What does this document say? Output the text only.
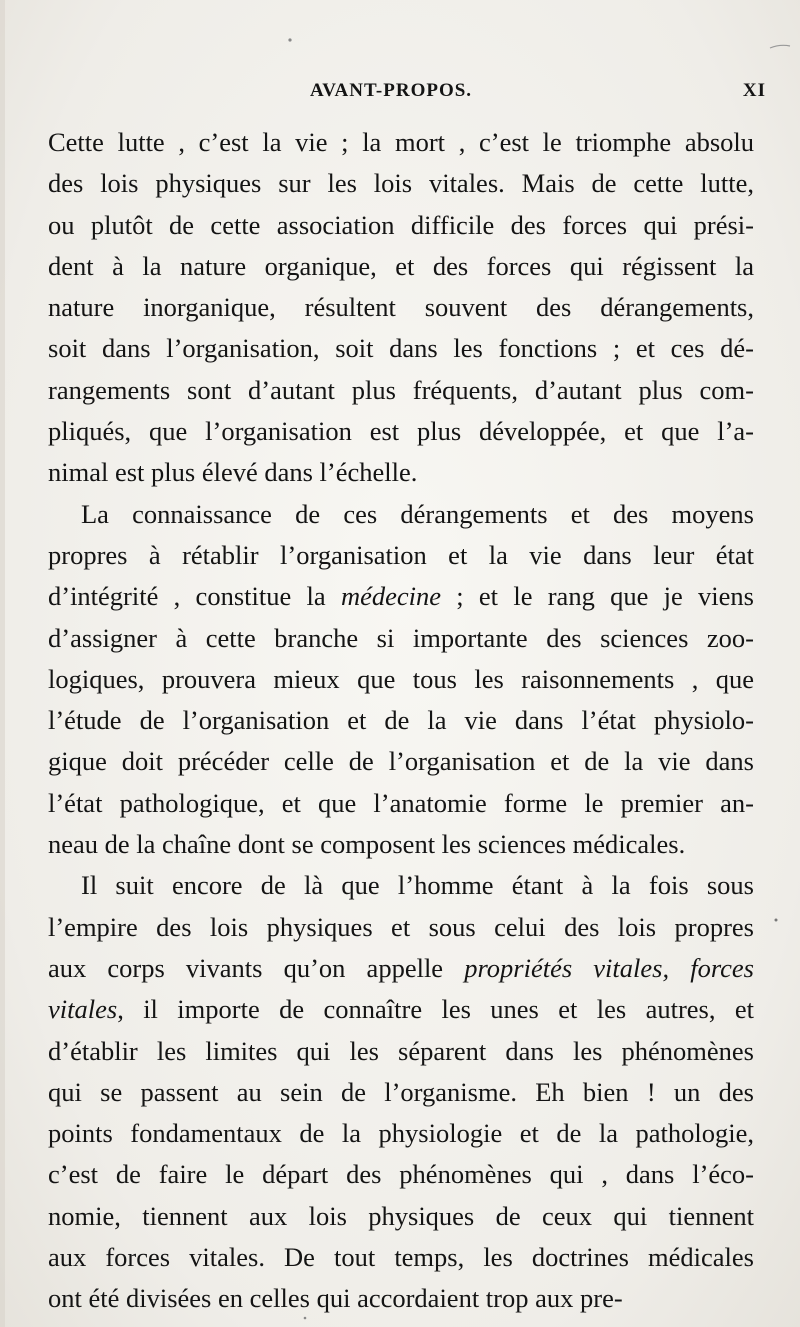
AVANT-PROPOS.	XI
Cette lutte , c’est la vie ; la mort , c’est le triomphe absolu
des lois physiques sur les lois vitales. Mais de cette lutte,
ou plutôt de cette association difficile des forces qui prési-
dent à la nature organique, et des forces qui régissent la
nature inorganique, résultent souvent des dérangements,
soit dans l’organisation, soit dans les fonctions ; et ces dé-
rangements sont d’autant plus fréquents, d’autant plus com-
pliqués, que l’organisation est plus développée, et que l’a-
nimal est plus élevé dans l’échelle.
La connaissance de ces dérangements et des moyens
propres à rétablir l’organisation et la vie dans leur état
d’intégrité , constitue la médecine ; et le rang que je viens
d’assigner à cette branche si importante des sciences zoo-
logiques, prouvera mieux que tous les raisonnements , que
l’étude de l’organisation et de la vie dans l’état physiolo-
gique doit précéder celle de l’organisation et de la vie dans
l’état pathologique, et que l’anatomie forme le premier an-
neau de la chaîne dont se composent les sciences médicales.
Il suit encore de là que l’homme étant à la fois sous
l’empire des lois physiques et sous celui des lois propres
aux corps vivants qu’on appelle propriétés vitales, forces
vitales, il importe de connaître les unes et les autres, et
d’établir les limites qui les séparent dans les phénomènes
qui se passent au sein de l’organisme. Eh bien ! un des
points fondamentaux de la physiologie et de la pathologie,
c’est de faire le départ des phénomènes qui , dans l’éco-
nomie, tiennent aux lois physiques de ceux qui tiennent
aux forces vitales. De tout temps, les doctrines médicales
ont été divisées en celles qui accordaient trop aux pre-
